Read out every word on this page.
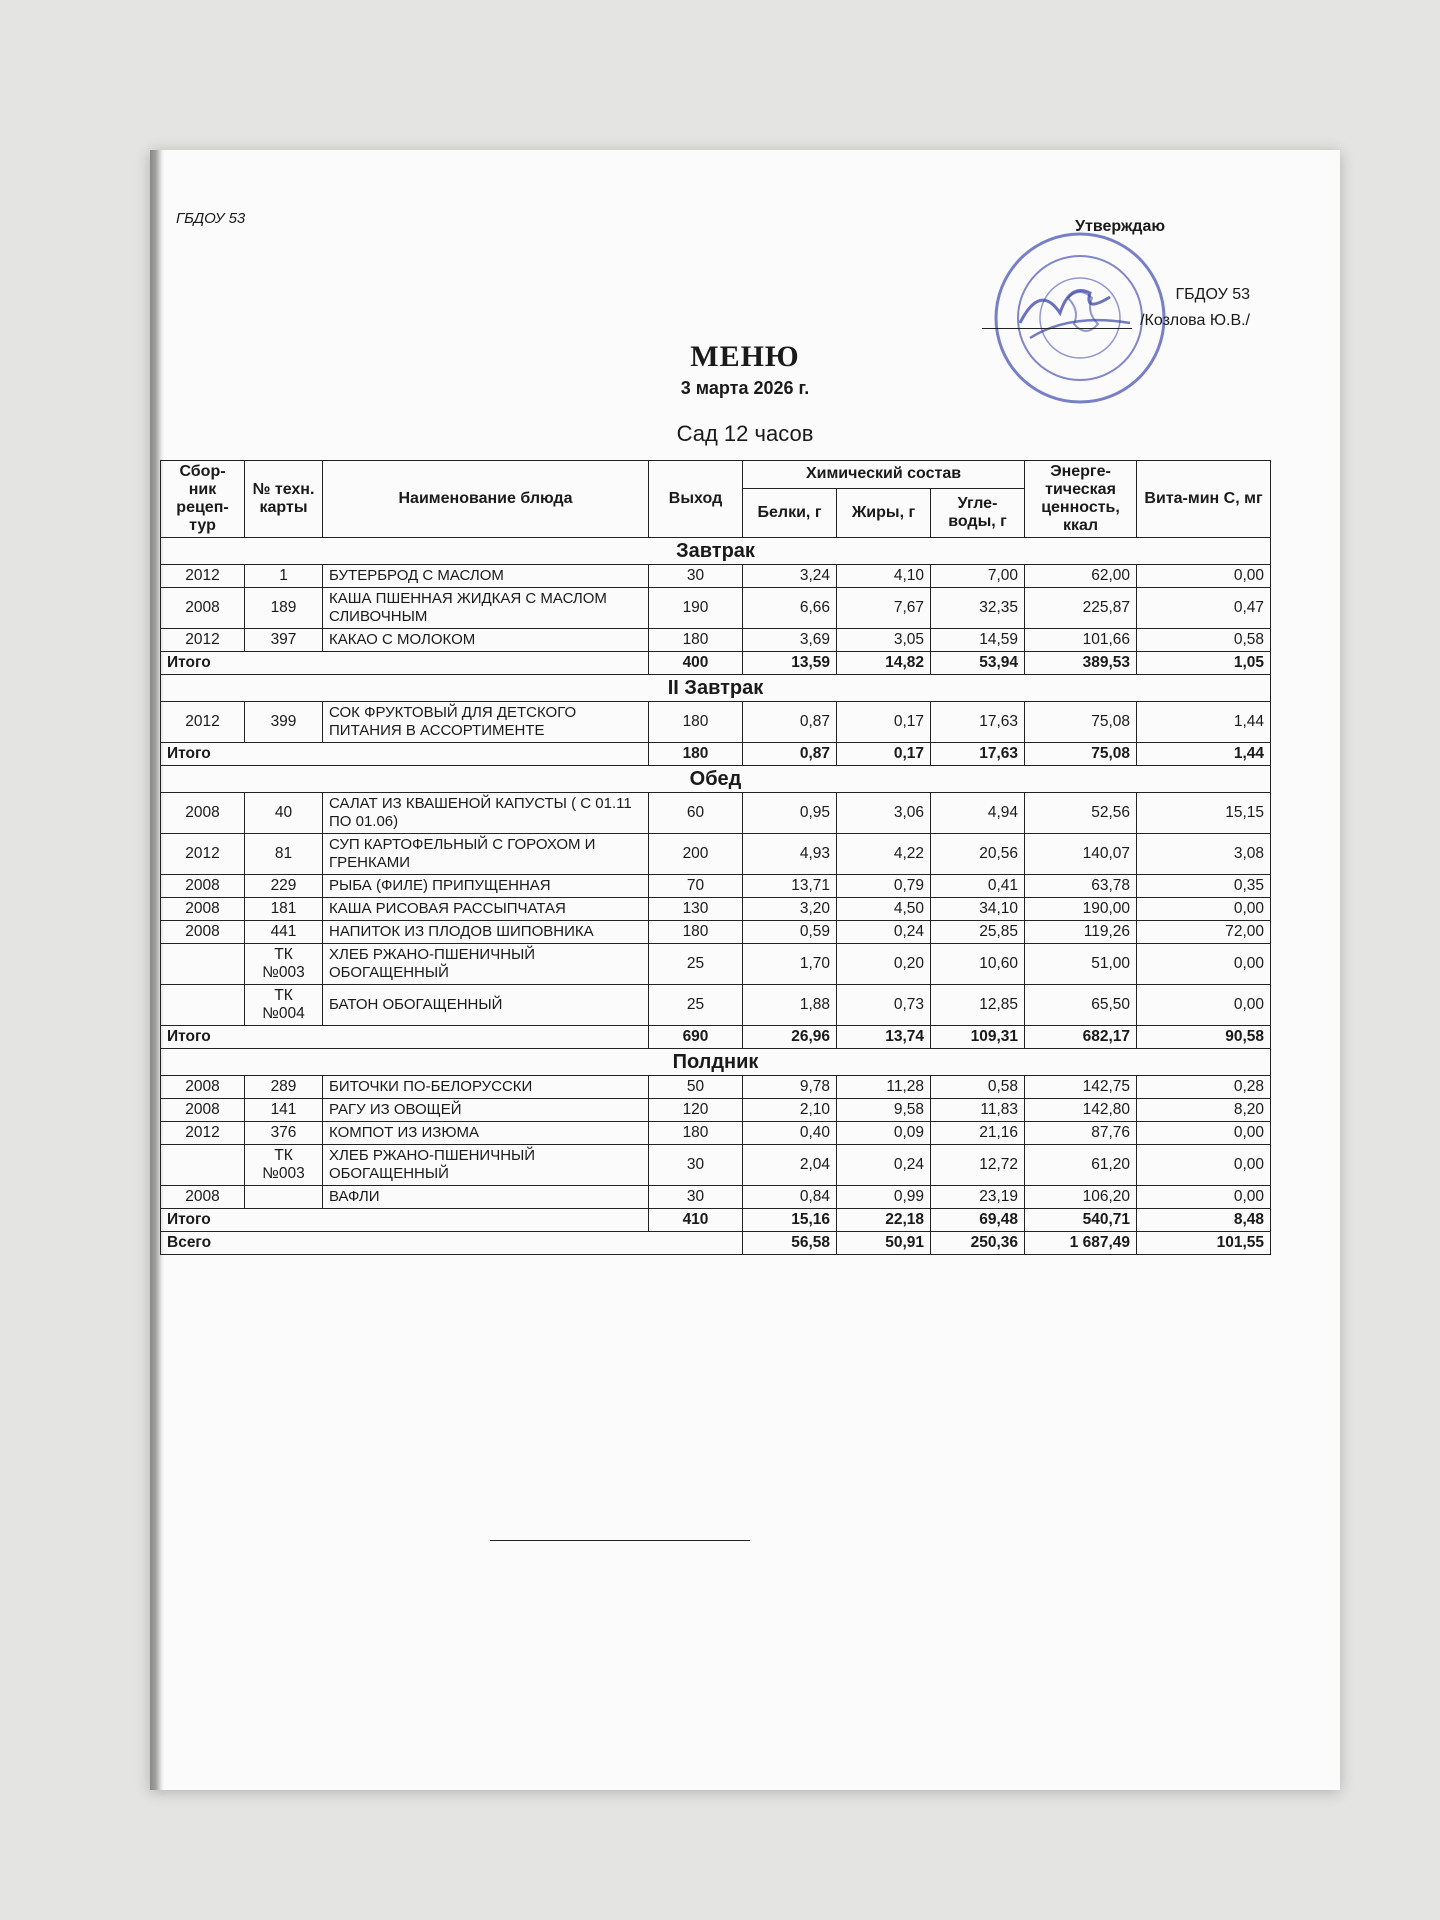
ГБДОУ 53	Утверждаю
ГБДОУ 53
/Козлова Ю.В./
МЕНЮ
3 марта 2026 г.
Сад 12 часов
Сбор-ник рецеп-тур	№ техн. карты	Наименование блюда	Выход	Химический состав			Энерге-тическая ценность, ккал	Вита-мин С, мг
				Белки, г	Жиры, г	Угле-воды, г		
Завтрак								
2012	1	БУТЕРБРОД С МАСЛОМ	30	3,24	4,10	7,00	62,00	0,00
2008	189	КАША ПШЕННАЯ ЖИДКАЯ С МАСЛОМ СЛИВОЧНЫМ	190	6,66	7,67	32,35	225,87	0,47
2012	397	КАКАО С МОЛОКОМ	180	3,69	3,05	14,59	101,66	0,58
Итого			400	13,59	14,82	53,94	389,53	1,05
II Завтрак								
2012	399	СОК ФРУКТОВЫЙ ДЛЯ ДЕТСКОГО ПИТАНИЯ В АССОРТИМЕНТЕ	180	0,87	0,17	17,63	75,08	1,44
Итого			180	0,87	0,17	17,63	75,08	1,44
Обед								
2008	40	САЛАТ ИЗ КВАШЕНОЙ КАПУСТЫ ( С 01.11 ПО 01.06)	60	0,95	3,06	4,94	52,56	15,15
2012	81	СУП КАРТОФЕЛЬНЫЙ С ГОРОХОМ И ГРЕНКАМИ	200	4,93	4,22	20,56	140,07	3,08
2008	229	РЫБА (ФИЛЕ) ПРИПУЩЕННАЯ	70	13,71	0,79	0,41	63,78	0,35
2008	181	КАША РИСОВАЯ РАССЫПЧАТАЯ	130	3,20	4,50	34,10	190,00	0,00
2008	441	НАПИТОК ИЗ ПЛОДОВ ШИПОВНИКА	180	0,59	0,24	25,85	119,26	72,00
	ТК №003	ХЛЕБ РЖАНО-ПШЕНИЧНЫЙ ОБОГАЩЕННЫЙ	25	1,70	0,20	10,60	51,00	0,00
	ТК №004	БАТОН ОБОГАЩЕННЫЙ	25	1,88	0,73	12,85	65,50	0,00
Итого			690	26,96	13,74	109,31	682,17	90,58
Полдник								
2008	289	БИТОЧКИ ПО-БЕЛОРУССКИ	50	9,78	11,28	0,58	142,75	0,28
2008	141	РАГУ ИЗ ОВОЩЕЙ	120	2,10	9,58	11,83	142,80	8,20
2012	376	КОМПОТ ИЗ ИЗЮМА	180	0,40	0,09	21,16	87,76	0,00
	ТК №003	ХЛЕБ РЖАНО-ПШЕНИЧНЫЙ ОБОГАЩЕННЫЙ	30	2,04	0,24	12,72	61,20	0,00
2008		ВАФЛИ	30	0,84	0,99	23,19	106,20	0,00
Итого			410	15,16	22,18	69,48	540,71	8,48
Всего				56,58	50,91	250,36	1 687,49	101,55
